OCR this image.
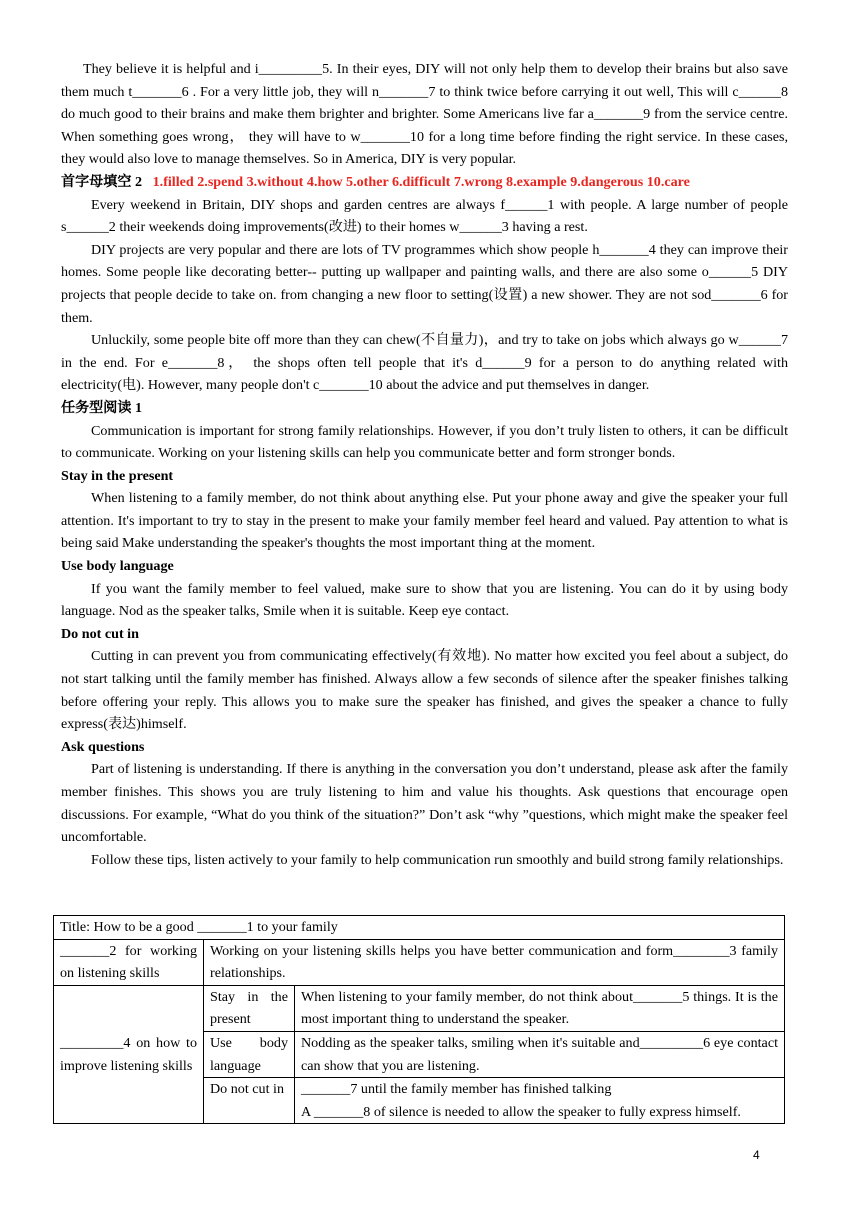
They believe it is helpful and i_________5. In their eyes, DIY will not only help them to develop their brains but also save them much t_______6 . For a very little job, they will n_______7 to think twice before carrying it out well, This will c______8 do much good to their brains and make them brighter and brighter. Some Americans live far a_______9 from the service centre. When something goes wrong， they will have to w_______10 for a long time before finding the right service. In these cases, they would also love to manage themselves. So in America, DIY is very popular.

首字母填空 2 1.filled 2.spend 3.without 4.how 5.other 6.difficult 7.wrong 8.example 9.dangerous 10.care

Every weekend in Britain, DIY shops and garden centres are always f______1 with people. A large number of people s______2 their weekends doing improvements(改进) to their homes w______3 having a rest.

DIY projects are very popular and there are lots of TV programmes which show people h_______4 they can improve their homes. Some people like decorating better-- putting up wallpaper and painting walls, and there are also some o______5 DIY projects that people decide to take on. from changing a new floor to setting(设置) a new shower. They are not sod_______6 for them.

Unluckily, some people bite off more than they can chew(不自量力)，and try to take on jobs which always go w______7 in the end. For e_______8， the shops often tell people that it's d______9 for a person to do anything related with electricity(电). However, many people don't c_______10 about the advice and put themselves in danger.

任务型阅读 1

Communication is important for strong family relationships. However, if you don’t truly listen to others, it can be difficult to communicate. Working on your listening skills can help you communicate better and form stronger bonds.

Stay in the present

When listening to a family member, do not think about anything else. Put your phone away and give the speaker your full attention. It's important to try to stay in the present to make your family member feel heard and valued. Pay attention to what is being said Make understanding the speaker's thoughts the most important thing at the moment.

Use body language

If you want the family member to feel valued, make sure to show that you are listening. You can do it by using body language. Nod as the speaker talks, Smile when it is suitable. Keep eye contact.

Do not cut in

Cutting in can prevent you from communicating effectively(有效地). No matter how excited you feel about a subject, do not start talking until the family member has finished. Always allow a few seconds of silence after the speaker finishes talking before offering your reply. This allows you to make sure the speaker has finished, and gives the speaker a chance to fully express(表达)himself.

Ask questions

Part of listening is understanding. If there is anything in the conversation you don’t understand, please ask after the family member finishes. This shows you are truly listening to him and value his thoughts. Ask questions that encourage open discussions. For example, “What do you think of the situation?” Don’t ask “why ”questions, which might make the speaker feel uncomfortable.

Follow these tips, listen actively to your family to help communication run smoothly and build strong family relationships.

Title: How to be a good _______1 to your family		
_______2 for working on listening skills	Working on your listening skills helps you have better communication and form________3 family relationships.	
_________4 on how to improve listening skills	Stay in the present	When listening to your family member, do not think about_______5 things. It is the most important thing to understand the speaker.
	Use body language	Nodding as the speaker talks, smiling when it's suitable and_________6 eye contact can show that you are listening.
	Do not cut in	_______7 until the family member has finished talking
A _______8 of silence is needed to allow the speaker to fully express himself.
4
